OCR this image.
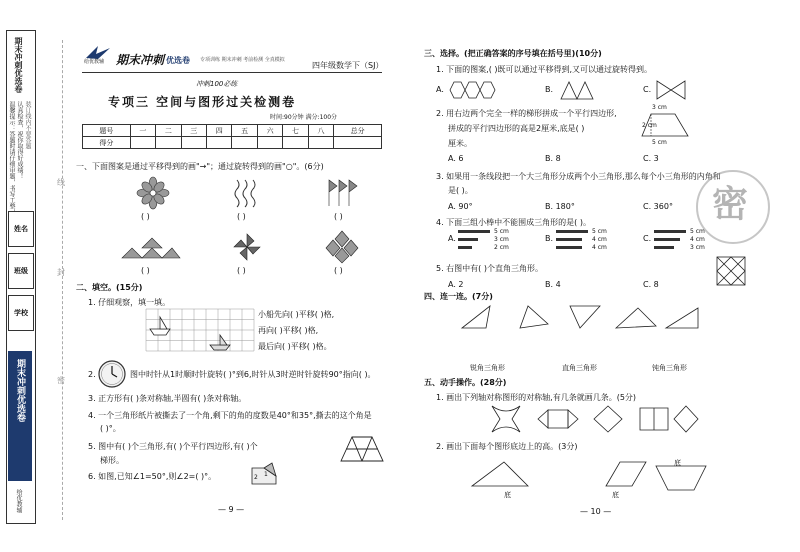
期末冲刺优选卷
温馨提示：答题时请仔细审题，书写工整， 认真检查，祝你取得好成绩！ 装订线内不要答题
姓名
班级
学校
期末冲刺优选卷
给优教辅
线
封
密
给优教辅 期末冲刺 优选卷 专项训练 期末冲刺 考前检测 全真模拟
四年级数学下（SJ）
冲刺100必练
专项三 空间与图形过关检测卷
时间:90分钟 满分:100分
题号	一	二	三	四	五	六	七	八	总分
得分									
一、下面图案是通过平移得到的画"→"；通过旋转得到的画"○"。(6分)
( )	( )	( )
( )	( )	( )
二、填空。(15分)
1. 仔细观察，填一填。
小船先向( )平移( )格,
再向( )平移( )格,
最后向( )平移( )格。
2.	图中时针从1时顺时针旋转( )°到6,时针从3时逆时针旋转90°指向( )。
3. 正方形有( )条对称轴,半圆有( )条对称轴。
4. 一个三角形纸片被撕去了一个角,剩下的角的度数是40°和35°,撕去的这个角是
( )°。
5. 图中有( )个三角形,有( )个平行四边形,有( )个
梯形。
6. 如图,已知∠1=50°,则∠2=( )°。	2 1
— 9 —
三、选择。(把正确答案的序号填在括号里)(10分)
1. 下面的图案,( )既可以通过平移得到,又可以通过旋转得到。
A.	B.	C.
2. 用右边两个完全一样的梯形拼成一个平行四边形,
拼成的平行四边形的高是2厘米,底是( )
厘米。
3 cm
2 cm
5 cm
A. 6	B. 8	C. 3
3. 如果用一条线段把一个大三角形分成两个小三角形,那么每个小三角形的内角和
是( )。
A. 90°	B. 180°	C. 360°
4. 下面三组小棒中不能围成三角形的是( )。
A.
5 cm
3 cm
2 cm
B.
5 cm
4 cm
4 cm
C.
5 cm
4 cm
3 cm
5. 右图中有( )个直角三角形。
A. 2	B. 4	C. 8
密
四、连一连。(7分)
锐角三角形	直角三角形	钝角三角形
五、动手操作。(28分)
1. 画出下列轴对称图形的对称轴,有几条就画几条。(5分)
2. 画出下面每个图形底边上的高。(3分)
底	底
底
— 10 —
